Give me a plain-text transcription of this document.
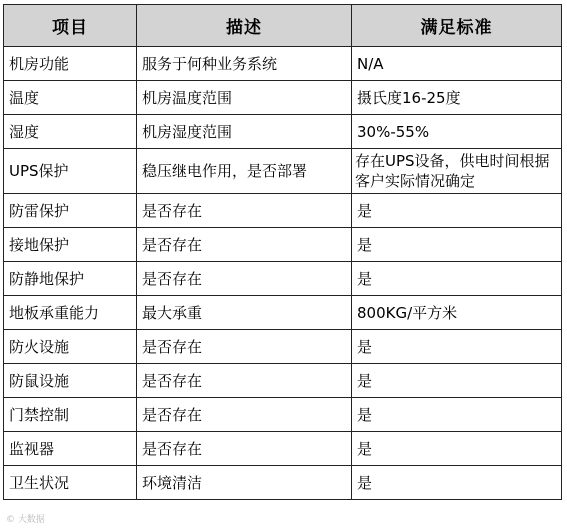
项目	描述	满足标准
机房功能	服务于何种业务系统	N/A
温度	机房温度范围	摄氏度16-25度
湿度	机房湿度范围	30%-55%
UPS保护	稳压继电作用，是否部署	存在UPS设备，供电时间根据客户实际情况确定
防雷保护	是否存在	是
接地保护	是否存在	是
防静地保护	是否存在	是
地板承重能力	最大承重	800KG/平方米
防火设施	是否存在	是
防鼠设施	是否存在	是
门禁控制	是否存在	是
监视器	是否存在	是
卫生状况	环境清洁	是
© 大数据
